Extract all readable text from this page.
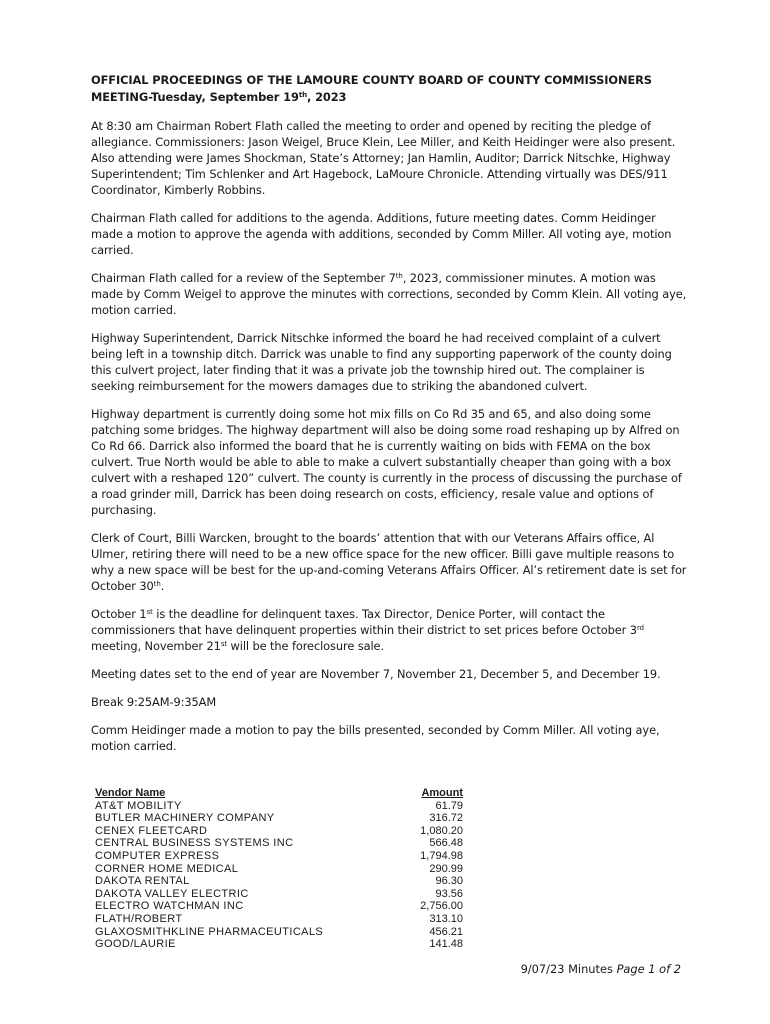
OFFICIAL PROCEEDINGS OF THE LAMOURE COUNTY BOARD OF COUNTY COMMISSIONERS
MEETING-Tuesday, September 19th, 2023

At 8:30 am Chairman Robert Flath called the meeting to order and opened by reciting the pledge of allegiance. Commissioners: Jason Weigel, Bruce Klein, Lee Miller, and Keith Heidinger were also present. Also attending were James Shockman, State’s Attorney; Jan Hamlin, Auditor; Darrick Nitschke, Highway Superintendent; Tim Schlenker and Art Hagebock, LaMoure Chronicle. Attending virtually was DES/911 Coordinator, Kimberly Robbins.

Chairman Flath called for additions to the agenda. Additions, future meeting dates. Comm Heidinger made a motion to approve the agenda with additions, seconded by Comm Miller. All voting aye, motion carried.

Chairman Flath called for a review of the September 7th, 2023, commissioner minutes. A motion was made by Comm Weigel to approve the minutes with corrections, seconded by Comm Klein. All voting aye, motion carried.

Highway Superintendent, Darrick Nitschke informed the board he had received complaint of a culvert being left in a township ditch. Darrick was unable to find any supporting paperwork of the county doing this culvert project, later finding that it was a private job the township hired out. The complainer is seeking reimbursement for the mowers damages due to striking the abandoned culvert.

Highway department is currently doing some hot mix fills on Co Rd 35 and 65, and also doing some patching some bridges. The highway department will also be doing some road reshaping up by Alfred on Co Rd 66. Darrick also informed the board that he is currently waiting on bids with FEMA on the box culvert. True North would be able to able to make a culvert substantially cheaper than going with a box culvert with a reshaped 120” culvert. The county is currently in the process of discussing the purchase of a road grinder mill, Darrick has been doing research on costs, efficiency, resale value and options of purchasing.

Clerk of Court, Billi Warcken, brought to the boards’ attention that with our Veterans Affairs office, Al Ulmer, retiring there will need to be a new office space for the new officer. Billi gave multiple reasons to why a new space will be best for the up-and-coming Veterans Affairs Officer. Al’s retirement date is set for October 30th.

October 1st is the deadline for delinquent taxes. Tax Director, Denice Porter, will contact the commissioners that have delinquent properties within their district to set prices before October 3rd meeting, November 21st will be the foreclosure sale.

Meeting dates set to the end of year are November 7, November 21, December 5, and December 19.

Break 9:25AM-9:35AM

Comm Heidinger made a motion to pay the bills presented, seconded by Comm Miller. All voting aye, motion carried.

Vendor Name	Amount
AT&T MOBILITY	61.79
BUTLER MACHINERY COMPANY	316.72
CENEX FLEETCARD	1,080.20
CENTRAL BUSINESS SYSTEMS INC	566.48
COMPUTER EXPRESS	1,794.98
CORNER HOME MEDICAL	290.99
DAKOTA RENTAL	96.30
DAKOTA VALLEY ELECTRIC	93.56
ELECTRO WATCHMAN INC	2,756.00
FLATH/ROBERT	313.10
GLAXOSMITHKLINE PHARMACEUTICALS	456.21
GOOD/LAURIE	141.48
9/07/23 Minutes Page 1 of 2
